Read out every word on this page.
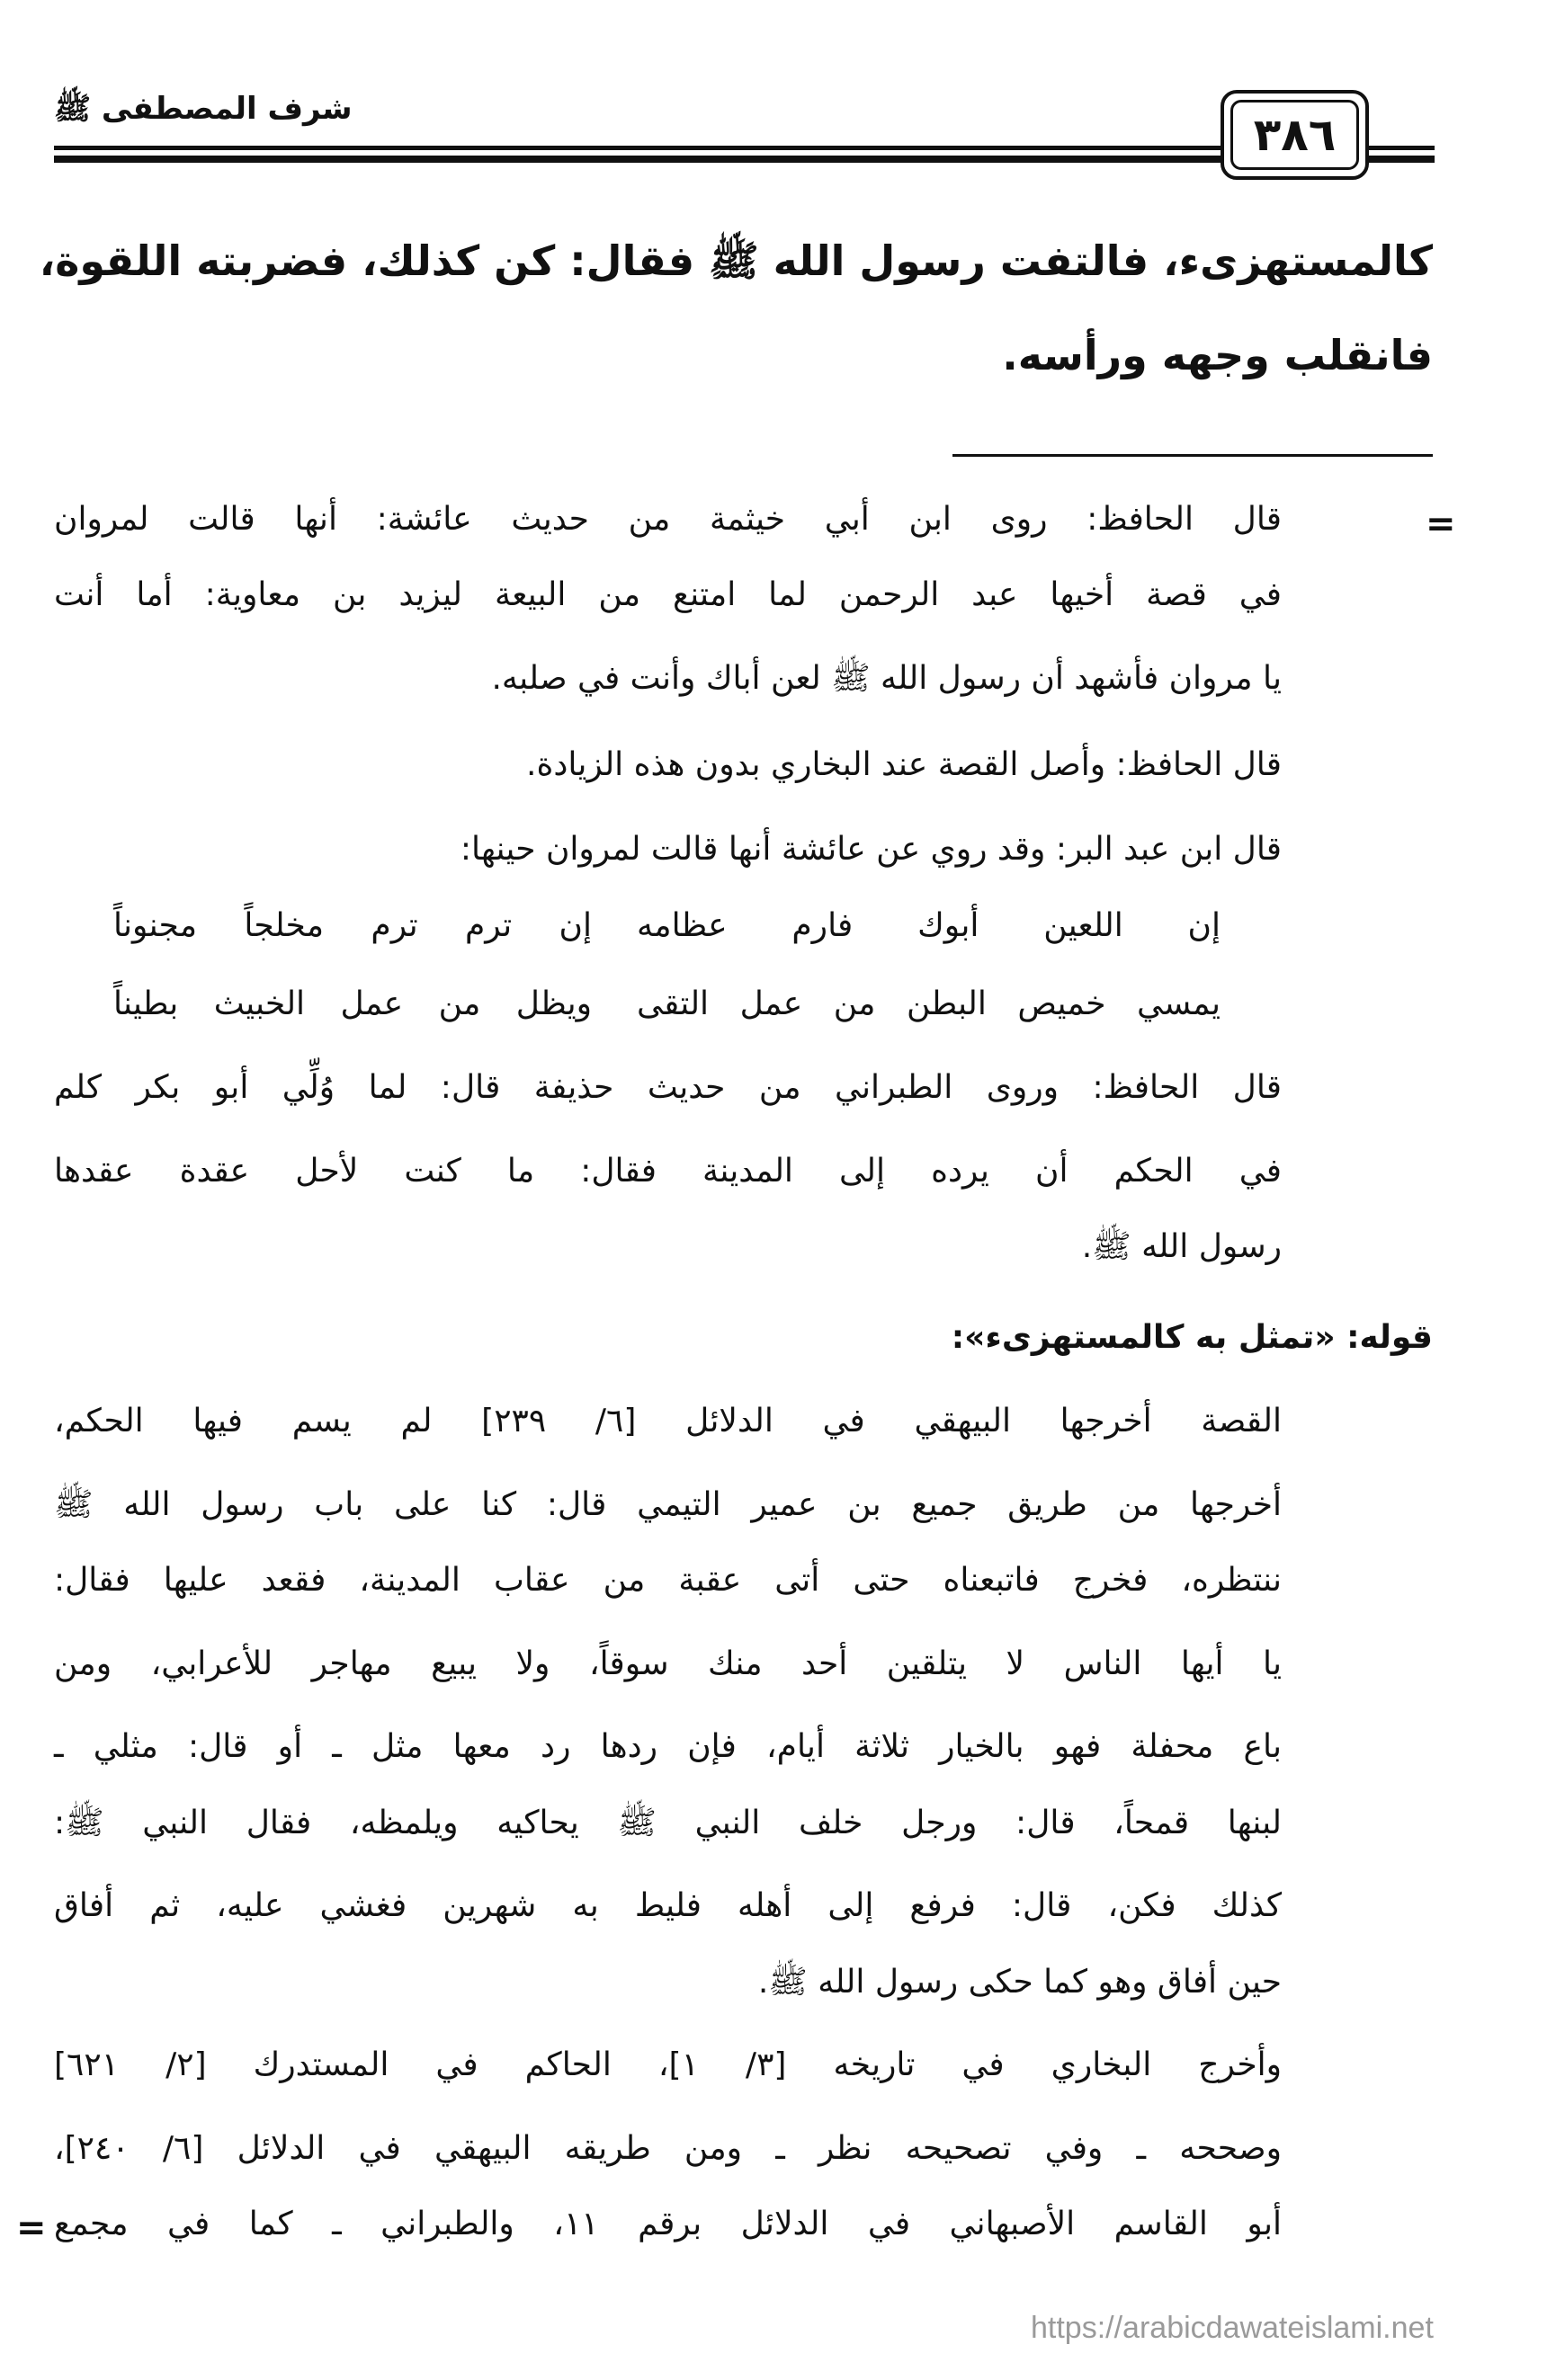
شرف المصطفى ﷺ	٣٨٦
كالمستهزىء، فالتفت رسول الله ﷺ فقال: كن كذلك، فضربته اللقوة،
فانقلب وجهه ورأسه.
قال الحافظ: روى ابن أبي خيثمة من حديث عائشة: أنها قالت لمروان
في قصة أخيها عبد الرحمن لما امتنع من البيعة ليزيد بن معاوية: أما أنت
يا مروان فأشهد أن رسول الله ﷺ لعن أباك وأنت في صلبه.
قال الحافظ: وأصل القصة عند البخاري بدون هذه الزيادة.
قال ابن عبد البر: وقد روي عن عائشة أنها قالت لمروان حينها:
إن اللعين أبوك فارم عظامه
إن ترم ترم مخلجاً مجنوناً
يمسي خميص البطن من عمل التقى
ويظل من عمل الخبيث بطيناً
قال الحافظ: وروى الطبراني من حديث حذيفة قال: لما وُلِّي أبو بكر كلم
في الحكم أن يرده إلى المدينة فقال: ما كنت لأحل عقدة عقدها
رسول الله ﷺ.
قوله: «تمثل به كالمستهزىء»:
القصة أخرجها البيهقي في الدلائل [٦/ ٢٣٩] لم يسم فيها الحكم،
أخرجها من طريق جميع بن عمير التيمي قال: كنا على باب رسول الله ﷺ
ننتظره، فخرج فاتبعناه حتى أتى عقبة من عقاب المدينة، فقعد عليها فقال:
يا أيها الناس لا يتلقين أحد منك سوقاً، ولا يبيع مهاجر للأعرابي، ومن
باع محفلة فهو بالخيار ثلاثة أيام، فإن ردها رد معها مثل ـ أو قال: مثلي ـ
لبنها قمحاً، قال: ورجل خلف النبي ﷺ يحاكيه ويلمظه، فقال النبي ﷺ:
كذلك فكن، قال: فرفع إلى أهله فليط به شهرين فغشي عليه، ثم أفاق
حين أفاق وهو كما حكى رسول الله ﷺ.
وأخرج البخاري في تاريخه [٣/ ١]، الحاكم في المستدرك [٢/ ٦٢١]
وصححه ـ وفي تصحيحه نظر ـ ومن طريقه البيهقي في الدلائل [٦/ ٢٤٠]،
أبو القاسم الأصبهاني في الدلائل برقم ١١، والطبراني ـ كما في مجمع
=
=
https://arabicdawateislami.net
